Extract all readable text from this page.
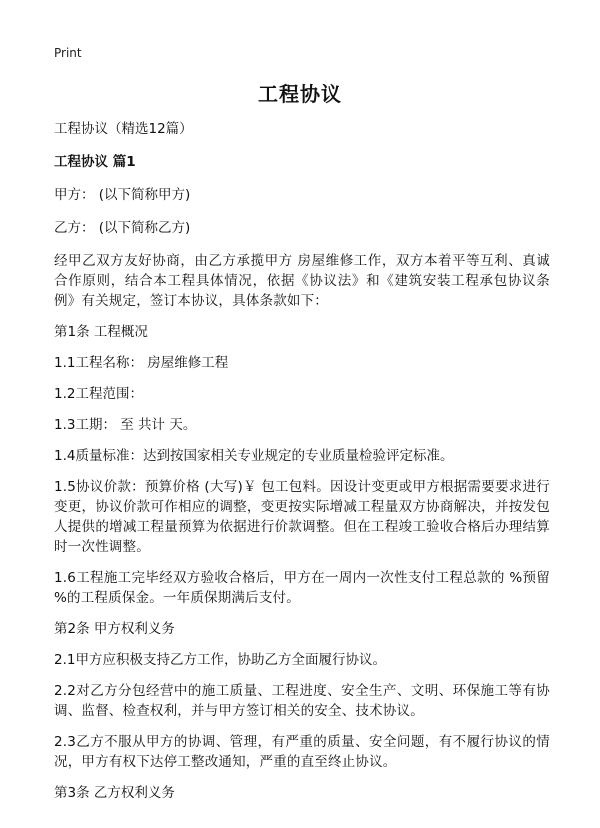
Print
工程协议

工程协议（精选12篇）

工程协议 篇1

甲方： (以下简称甲方)

乙方： (以下简称乙方)

经甲乙双方友好协商，由乙方承揽甲方 房屋维修工作，双方本着平等互利、真诚合作原则，结合本工程具体情况，依据《协议法》和《建筑安装工程承包协议条例》有关规定，签订本协议，具体条款如下：

第1条 工程概况

1.1工程名称： 房屋维修工程

1.2工程范围：

1.3工期： 至 共计 天。

1.4质量标准：达到按国家相关专业规定的专业质量检验评定标准。

1.5协议价款：预算价格 (大写)￥ 包工包料。因设计变更或甲方根据需要要求进行变更，协议价款可作相应的调整，变更按实际增减工程量双方协商解决，并按发包人提供的增减工程量预算为依据进行价款调整。但在工程竣工验收合格后办理结算时一次性调整。

1.6工程施工完毕经双方验收合格后，甲方在一周内一次性支付工程总款的 %预留 %的工程质保金。一年质保期满后支付。

第2条 甲方权利义务

2.1甲方应积极支持乙方工作，协助乙方全面履行协议。

2.2对乙方分包经营中的施工质量、工程进度、安全生产、文明、环保施工等有协调、监督、检查权利，并与甲方签订相关的安全、技术协议。

2.3乙方不服从甲方的协调、管理，有严重的质量、安全问题，有不履行协议的情况，甲方有权下达停工整改通知，严重的直至终止协议。

第3条 乙方权利义务
